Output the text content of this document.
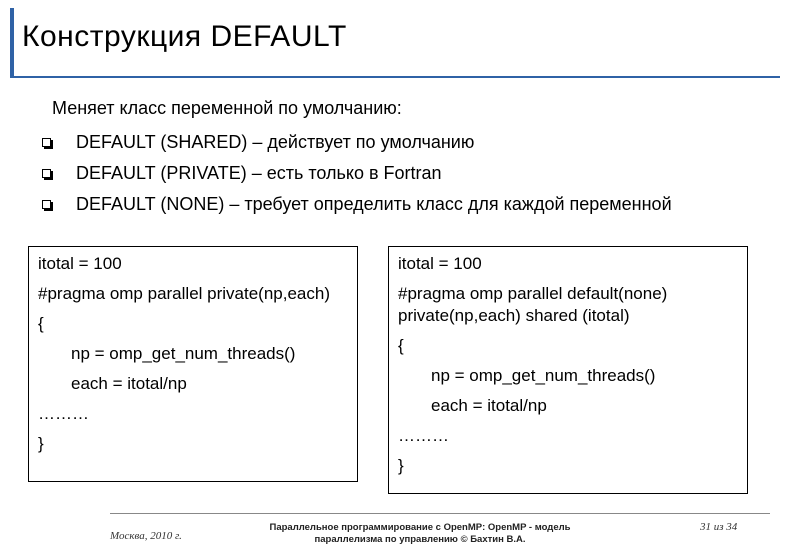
Конструкция DEFAULT
Меняет класс переменной по умолчанию:
DEFAULT (SHARED) – действует по умолчанию
DEFAULT (PRIVATE) – есть только в Fortran
DEFAULT (NONE) – требует определить класс для каждой переменной
itotal = 100
#pragma omp parallel private(np,each)
{
np = omp_get_num_threads()
each = itotal/np
………
}
itotal = 100
#pragma omp parallel default(none) private(np,each) shared (itotal)
{
np = omp_get_num_threads()
each = itotal/np
………
}
Москва, 2010 г.
Параллельное программирование с OpenMP: OpenMP - модель
параллелизма по управлению © Бахтин В.А.
31 из 34
